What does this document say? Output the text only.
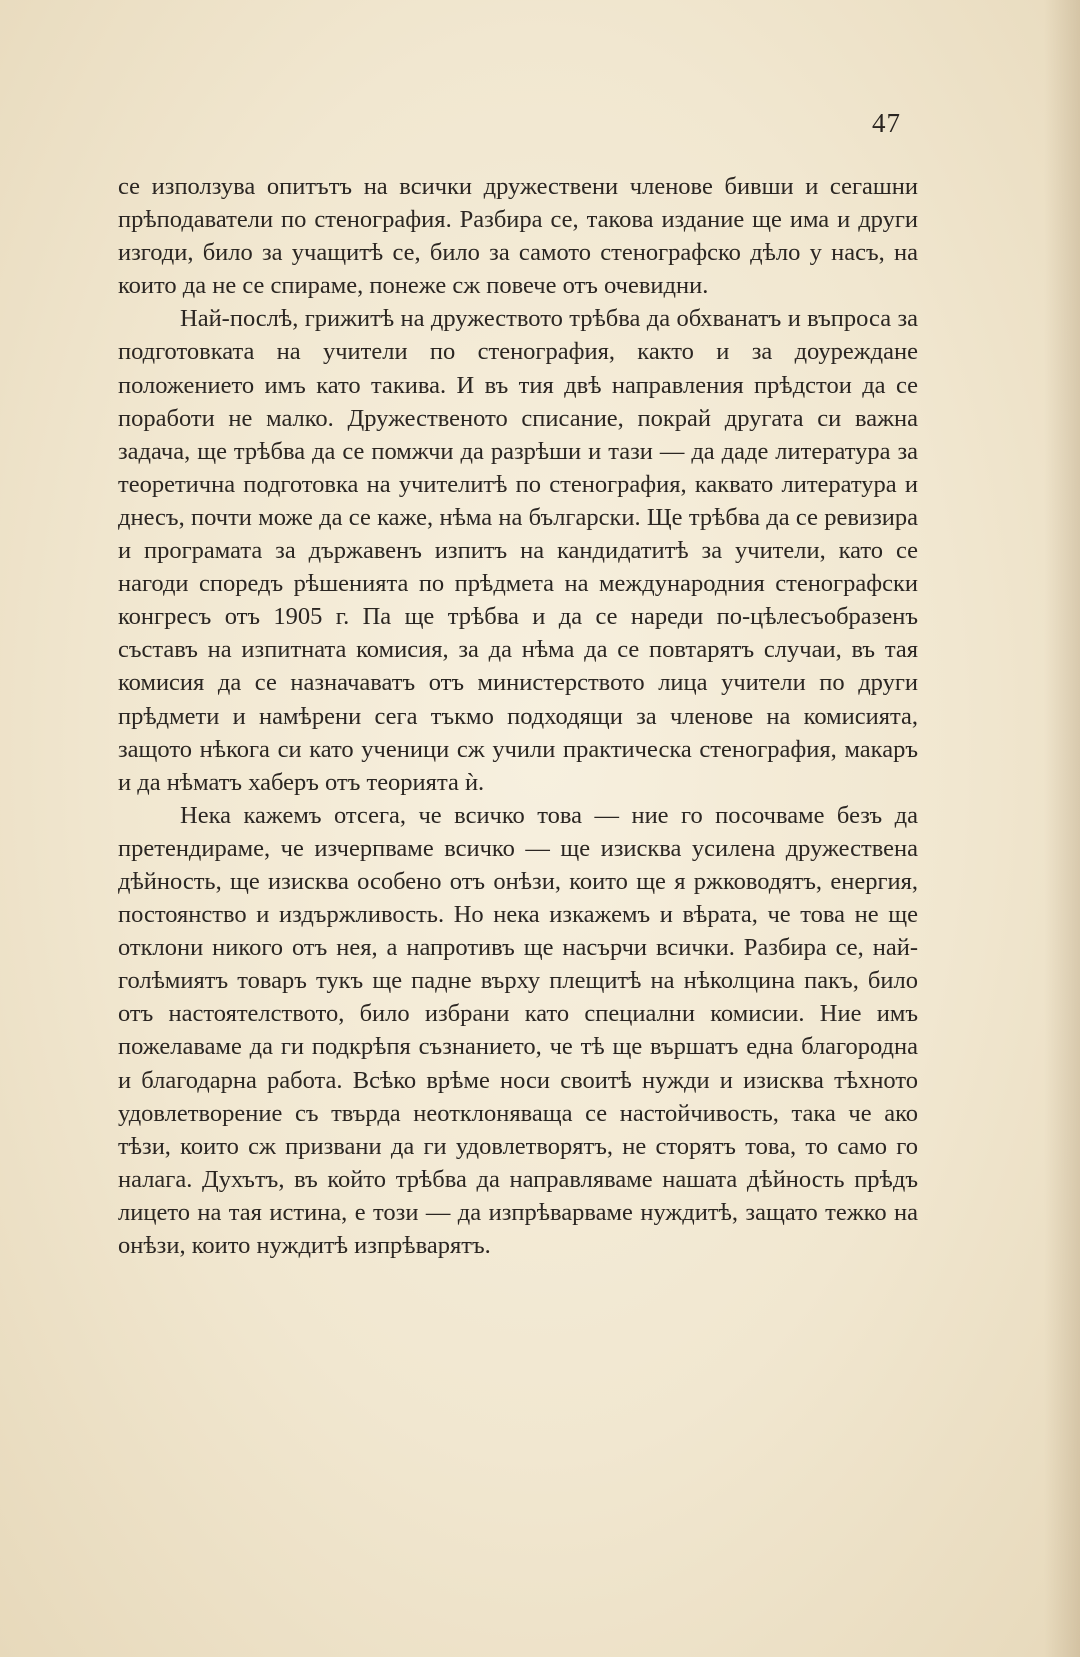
47

се използува опитътъ на всички дружествени членове бивши и сегашни прѣподаватели по стенография. Разбира се, такова издание ще има и други изгоди, било за учащитѣ се, било за самото стенографско дѣло у насъ, на които да не се спираме, понеже сж повече отъ очевидни.

Най-послѣ, грижитѣ на дружеството трѣбва да обхванатъ и въпроса за подготовката на учители по стенография, както и за доуреждане положението имъ като такива. И въ тия двѣ направления прѣдстои да се поработи не малко. Дружественото списание, покрай другата си важна задача, ще трѣбва да се помжчи да разрѣши и тази — да даде литература за теоретична подготовка на учителитѣ по стенография, каквато литература и днесъ, почти може да се каже, нѣма на български. Ще трѣбва да се ревизира и програмата за държавенъ изпитъ на кандидатитѣ за учители, като се нагоди споредъ рѣшенията по прѣдмета на международния стенографски конгресъ отъ 1905 г. Па ще трѣбва и да се нареди по-цѣлесъобразенъ съставъ на изпитната комисия, за да нѣма да се повтарятъ случаи, въ тая комисия да се назначаватъ отъ министерството лица учители по други прѣдмети и намѣрени сега тъкмо подходящи за членове на комисията, защото нѣкога си като ученици сж учили практическа стенография, макаръ и да нѣматъ хаберъ отъ теорията ѝ.

Нека кажемъ отсега, че всичко това — ние го посочваме безъ да претендираме, че изчерпваме всичко — ще изисква усилена дружествена дѣйность, ще изисква особено отъ онѣзи, които ще я ржководятъ, енергия, постоянство и издържливость. Но нека изкажемъ и вѣрата, че това не ще отклони никого отъ нея, а напротивъ ще насърчи всички. Разбира се, най-голѣмиятъ товаръ тукъ ще падне върху плещитѣ на нѣколцина пакъ, било отъ настоятелството, било избрани като специални комисии. Ние имъ пожелаваме да ги подкрѣпя съзнанието, че тѣ ще вършатъ една благородна и благодарна работа. Всѣко врѣме носи своитѣ нужди и изисква тѣхното удовлетворение съ твърда неотклоняваща се настойчивость, така че ако тѣзи, които сж призвани да ги удовлетворятъ, не сторятъ това, то само го налага. Духътъ, въ който трѣбва да направляваме нашата дѣйность прѣдъ лицето на тая истина, е този — да изпрѣварваме нуждитѣ, защато тежко на онѣзи, които нуждитѣ изпрѣварятъ.
